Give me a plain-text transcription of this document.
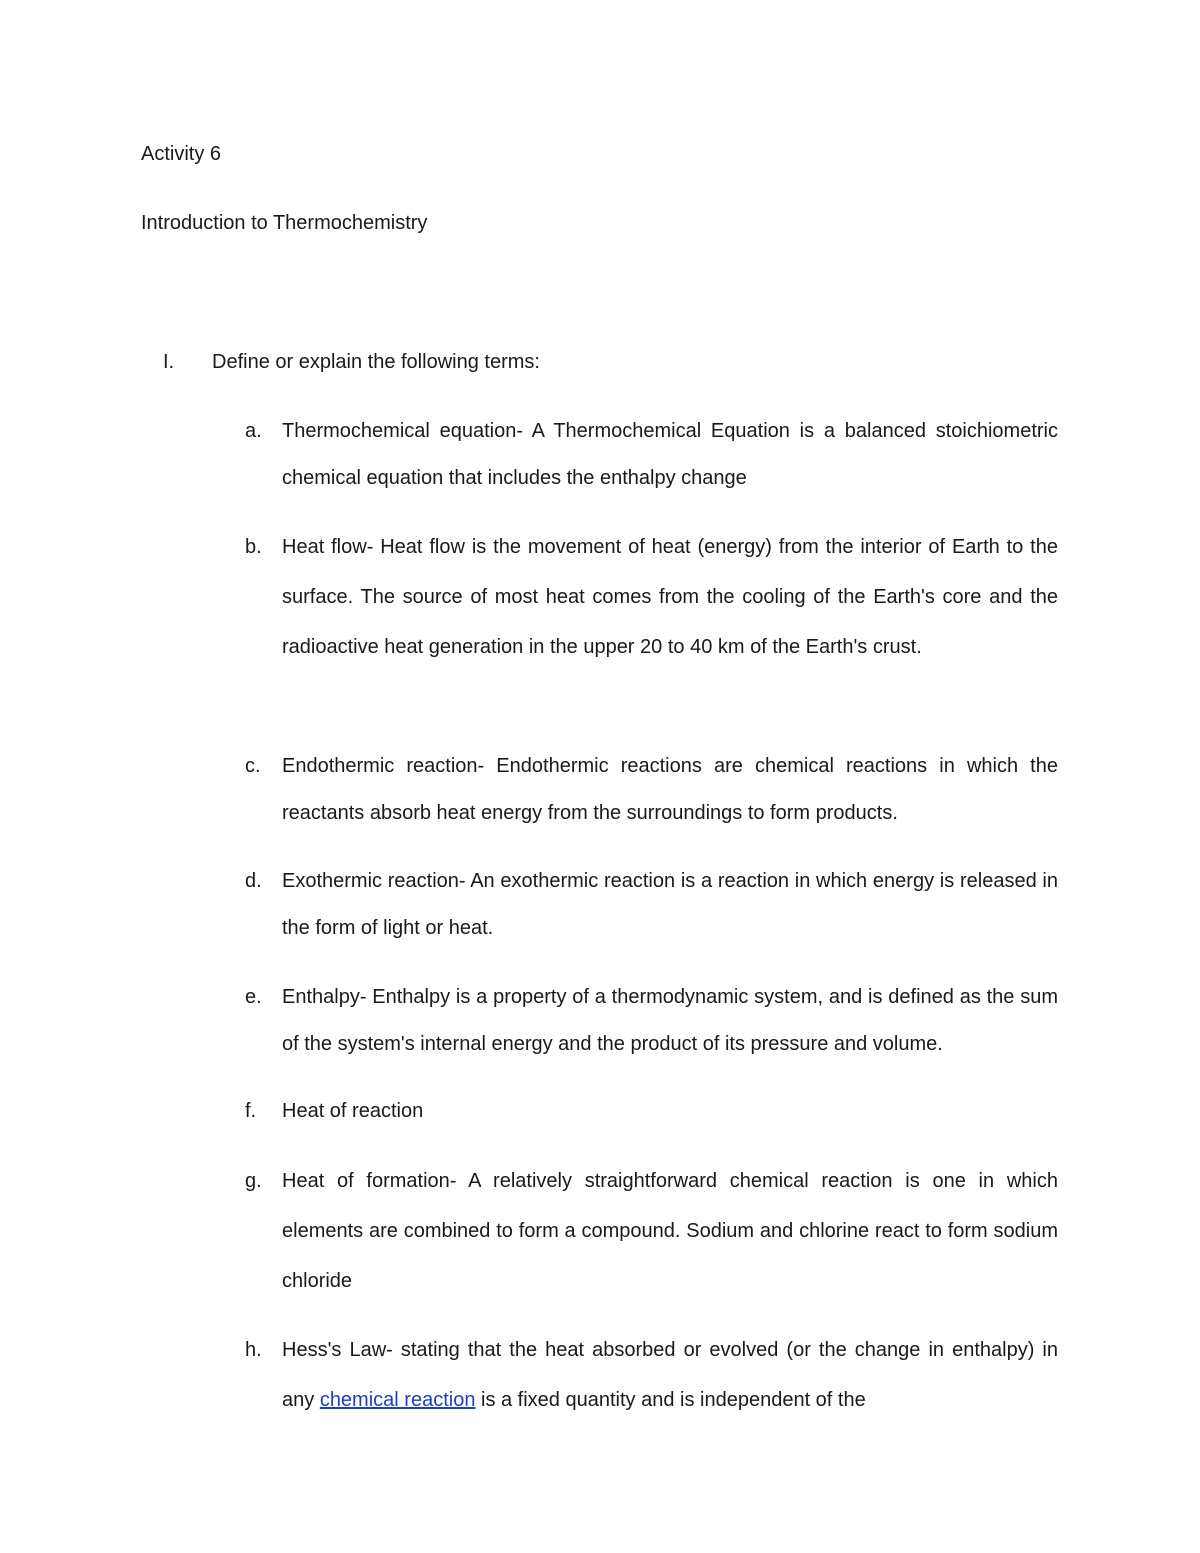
Activity 6
Introduction to Thermochemistry
I. Define or explain the following terms:
a. Thermochemical equation- A Thermochemical Equation is a balanced stoichiometric chemical equation that includes the enthalpy change
b. Heat flow- Heat flow is the movement of heat (energy) from the interior of Earth to the surface. The source of most heat comes from the cooling of the Earth's core and the radioactive heat generation in the upper 20 to 40 km of the Earth's crust.
c. Endothermic reaction- Endothermic reactions are chemical reactions in which the reactants absorb heat energy from the surroundings to form products.
d. Exothermic reaction- An exothermic reaction is a reaction in which energy is released in the form of light or heat.
e. Enthalpy- Enthalpy is a property of a thermodynamic system, and is defined as the sum of the system's internal energy and the product of its pressure and volume.
f. Heat of reaction
g. Heat of formation- A relatively straightforward chemical reaction is one in which elements are combined to form a compound. Sodium and chlorine react to form sodium chloride
h. Hess's Law- stating that the heat absorbed or evolved (or the change in enthalpy) in any chemical reaction is a fixed quantity and is independent of the
